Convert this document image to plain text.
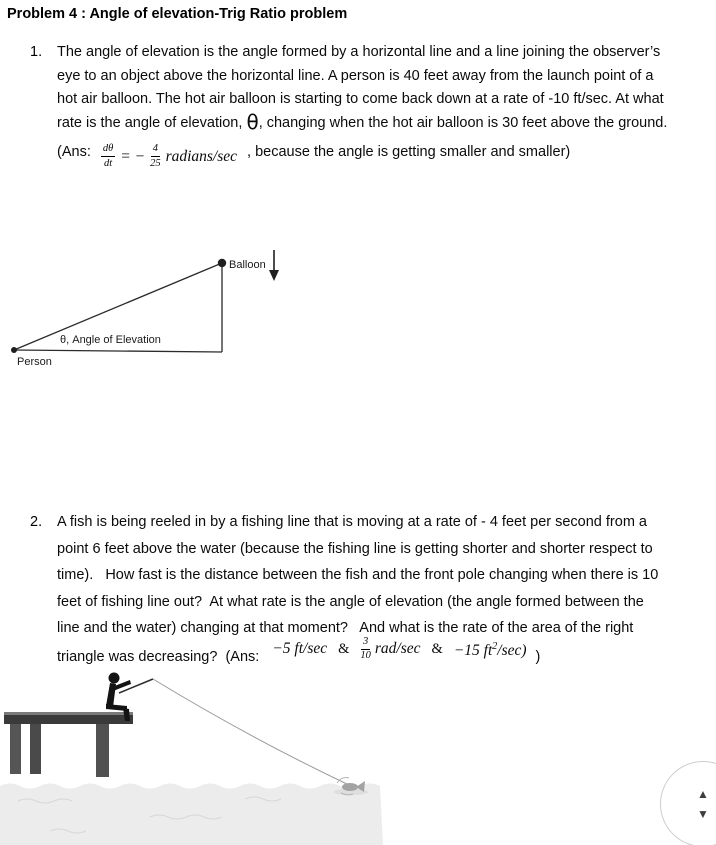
Problem 4 : Angle of elevation-Trig Ratio problem
1.	The angle of elevation is the angle formed by a horizontal line and a line joining the observer’s
eye to an object above the horizontal line. A person is 40 feet away from the launch point of a
hot air balloon. The hot air balloon is starting to come back down at a rate of -10 ft/sec. At what
rate is the angle of elevation, θ, changing when the hot air balloon is 30 feet above the ground.
(Ans: $\frac{d\theta}{dt}$ = − $\frac{4}{25}$ radians/sec , because the angle is getting smaller and smaller)
Balloon
θ, Angle of Elevation
Person
2.	A fish is being reeled in by a fishing line that is moving at a rate of - 4 feet per second from a
point 6 feet above the water (because the fishing line is getting shorter and shorter respect to
time).   How fast is the distance between the fish and the front pole changing when there is 10
feet of fishing line out?  At what rate is the angle of elevation (the angle formed between the
line and the water) changing at that moment?   And what is the rate of the area of the right
triangle was decreasing?  (Ans: −5 ft/sec & $\frac{3}{10} rad/\sec$ & −15 $ft^2/\sec$) )
▲
▼
